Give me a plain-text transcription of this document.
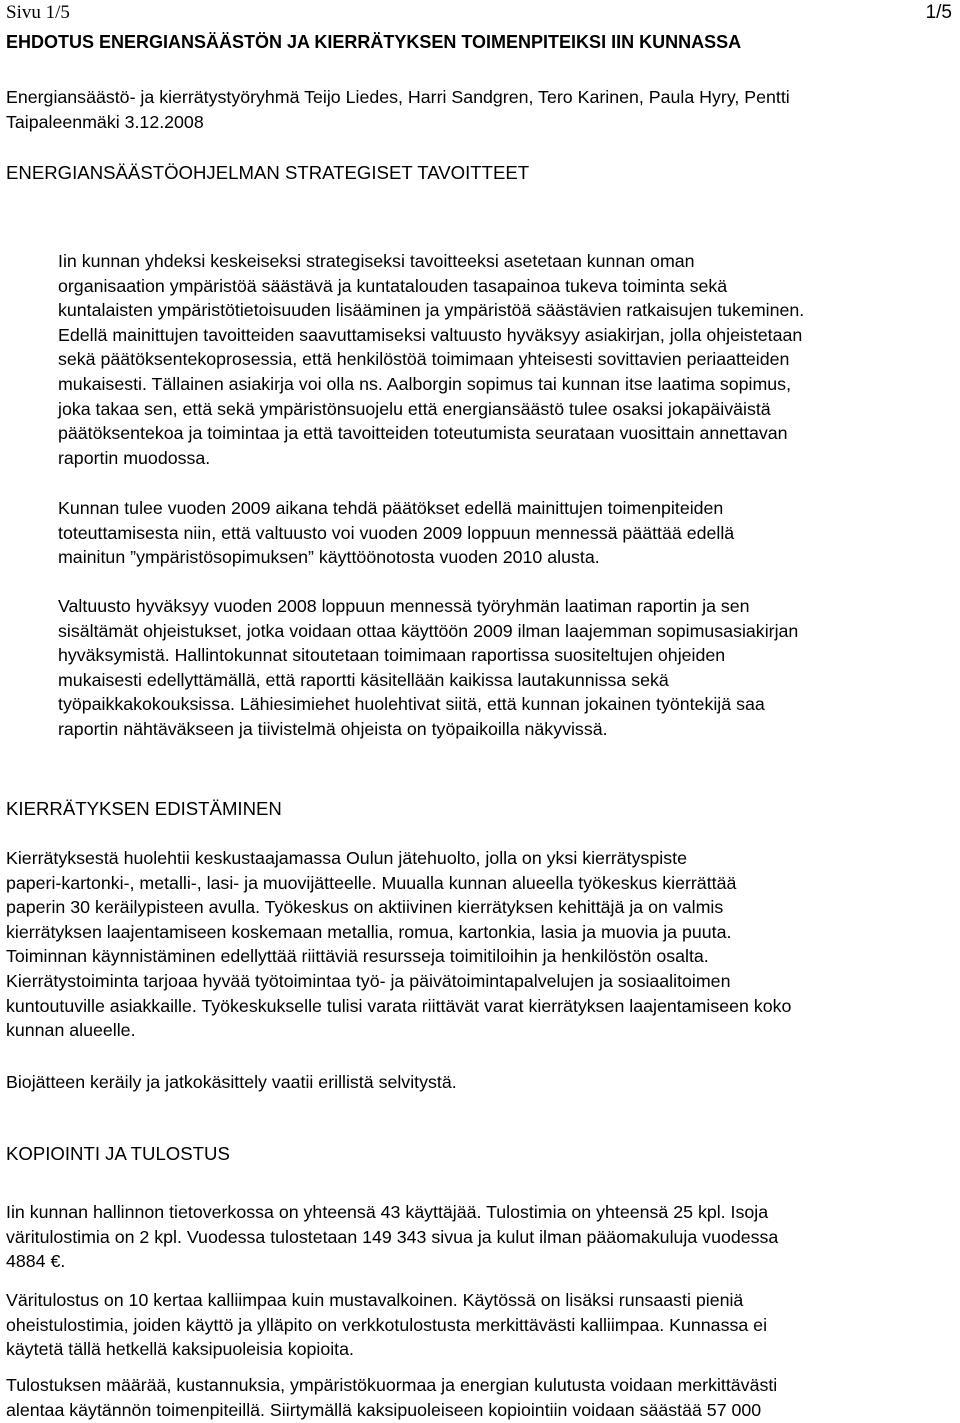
Sivu 1/5	1/5
EHDOTUS ENERGIANSÄÄSTÖN JA KIERRÄTYKSEN TOIMENPITEIKSI IIN KUNNASSA
Energiansäästö- ja kierrätystyöryhmä Teijo Liedes, Harri Sandgren, Tero Karinen, Paula Hyry, Pentti
Taipaleenmäki 3.12.2008
ENERGIANSÄÄSTÖOHJELMAN STRATEGISET TAVOITTEET
Iin kunnan yhdeksi keskeiseksi strategiseksi tavoitteeksi asetetaan kunnan oman
organisaation ympäristöä säästävä ja kuntatalouden tasapainoa tukeva toiminta sekä
kuntalaisten ympäristötietoisuuden lisääminen ja ympäristöä säästävien ratkaisujen tukeminen.
Edellä mainittujen tavoitteiden saavuttamiseksi valtuusto hyväksyy asiakirjan, jolla ohjeistetaan
sekä päätöksentekoprosessia, että henkilöstöä toimimaan yhteisesti sovittavien periaatteiden
mukaisesti. Tällainen asiakirja voi olla ns. Aalborgin sopimus tai kunnan itse laatima sopimus,
joka takaa sen, että sekä ympäristönsuojelu että energiansäästö tulee osaksi jokapäiväistä
päätöksentekoa ja toimintaa ja että tavoitteiden toteutumista seurataan vuosittain annettavan
raportin muodossa.
Kunnan tulee vuoden 2009 aikana tehdä päätökset edellä mainittujen toimenpiteiden
toteuttamisesta niin, että valtuusto voi vuoden 2009 loppuun mennessä päättää edellä
mainitun ”ympäristösopimuksen” käyttöönotosta vuoden 2010 alusta.
Valtuusto hyväksyy vuoden 2008 loppuun mennessä työryhmän laatiman raportin ja sen
sisältämät ohjeistukset, jotka voidaan ottaa käyttöön 2009 ilman laajemman sopimusasiakirjan
hyväksymistä. Hallintokunnat sitoutetaan toimimaan raportissa suositeltujen ohjeiden
mukaisesti edellyttämällä, että raportti käsitellään kaikissa lautakunnissa sekä
työpaikkakokouksissa. Lähiesimiehet huolehtivat siitä, että kunnan jokainen työntekijä saa
raportin nähtäväkseen ja tiivistelmä ohjeista on työpaikoilla näkyvissä.
KIERRÄTYKSEN EDISTÄMINEN
Kierrätyksestä huolehtii keskustaajamassa Oulun jätehuolto, jolla on yksi kierrätyspiste
paperi-kartonki-, metalli-, lasi- ja muovijätteelle. Muualla kunnan alueella työkeskus kierrättää
paperin 30 keräilypisteen avulla. Työkeskus on aktiivinen kierrätyksen kehittäjä ja on valmis
kierrätyksen laajentamiseen koskemaan metallia, romua, kartonkia, lasia ja muovia ja puuta.
Toiminnan käynnistäminen edellyttää riittäviä resursseja toimitiloihin ja henkilöstön osalta.
Kierrätystoiminta tarjoaa hyvää työtoimintaa työ- ja päivätoimintapalvelujen ja sosiaalitoimen
kuntoutuville asiakkaille. Työkeskukselle tulisi varata riittävät varat kierrätyksen laajentamiseen koko
kunnan alueelle.
Biojätteen keräily ja jatkokäsittely vaatii erillistä selvitystä.
KOPIOINTI JA TULOSTUS
Iin kunnan hallinnon tietoverkossa on yhteensä 43 käyttäjää. Tulostimia on yhteensä 25 kpl. Isoja
väritulostimia on 2 kpl. Vuodessa tulostetaan 149 343 sivua ja kulut ilman pääomakuluja vuodessa
4884 €.
Väritulostus on 10 kertaa kalliimpaa kuin mustavalkoinen. Käytössä on lisäksi runsaasti pieniä
oheistulostimia, joiden käyttö ja ylläpito on verkkotulostusta merkittävästi kalliimpaa. Kunnassa ei
käytetä tällä hetkellä kaksipuoleisia kopioita.
Tulostuksen määrää, kustannuksia, ympäristökuormaa ja energian kulutusta voidaan merkittävästi
alentaa käytännön toimenpiteillä. Siirtymällä kaksipuoleiseen kopiointiin voidaan säästää 57 000
